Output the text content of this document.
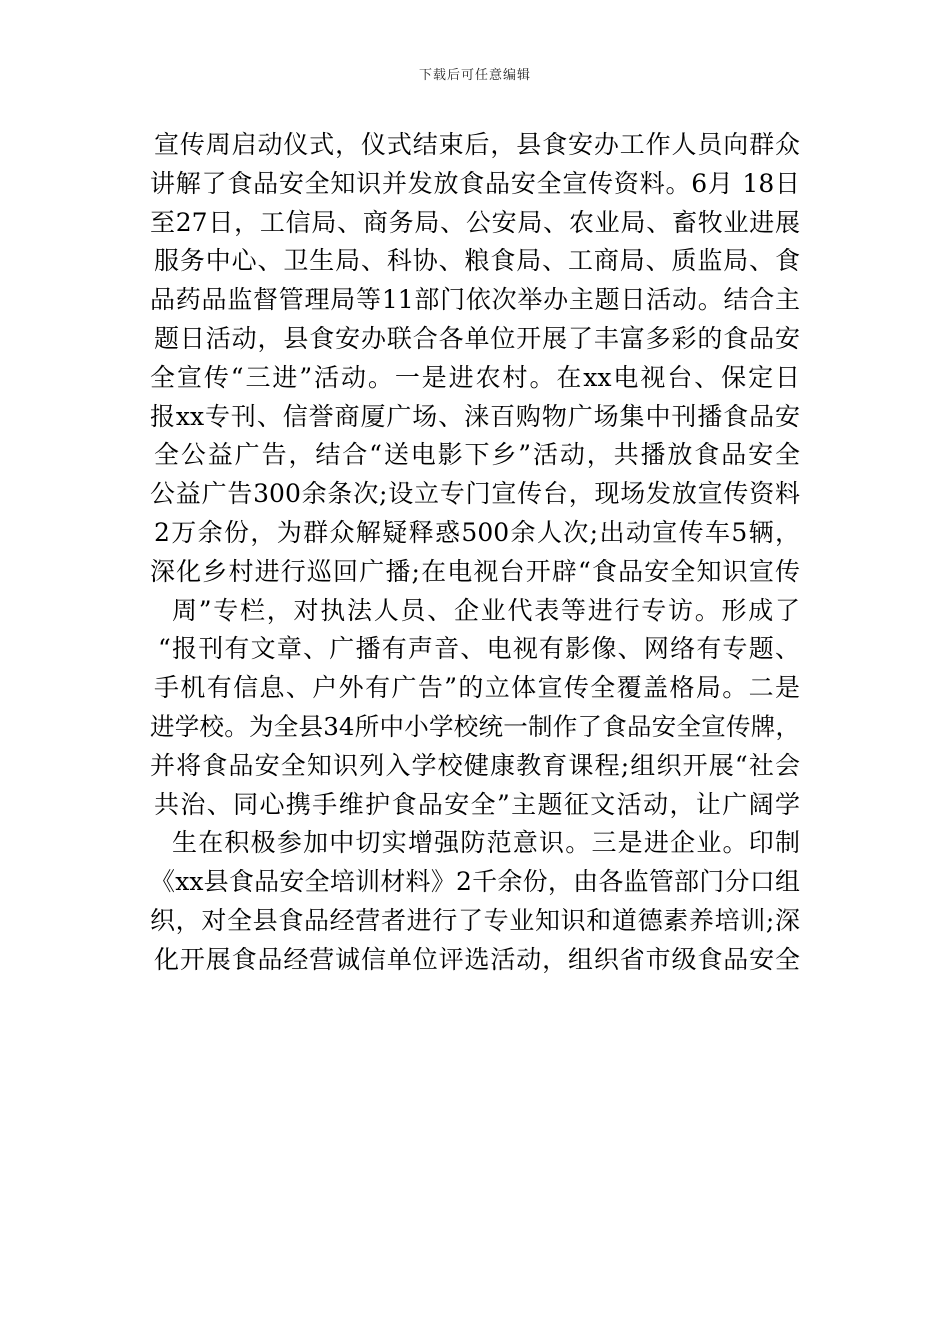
下载后可任意编辑
宣传周启动仪式，仪式结束后，县食安办工作人员向群众
讲解了食品安全知识并发放食品安全宣传资料。6月 18日
至27日，工信局、商务局、公安局、农业局、畜牧业进展
服务中心、卫生局、科协、粮食局、工商局、质监局、食
品药品监督管理局等11部门依次举办主题日活动。结合主
题日活动，县食安办联合各单位开展了丰富多彩的食品安
全宣传“三进”活动。一是进农村。在xx电视台、保定日
报xx专刊、信誉商厦广场、涞百购物广场集中刊播食品安
全公益广告，结合“送电影下乡”活动，共播放食品安全
公益广告300余条次;设立专门宣传台，现场发放宣传资料
2万余份，为群众解疑释惑500余人次;出动宣传车5辆，
深化乡村进行巡回广播;在电视台开辟“食品安全知识宣传
周”专栏，对执法人员、企业代表等进行专访。形成了
“报刊有文章、广播有声音、电视有影像、网络有专题、
手机有信息、户外有广告”的立体宣传全覆盖格局。二是
进学校。为全县34所中小学校统一制作了食品安全宣传牌，
并将食品安全知识列入学校健康教育课程;组织开展“社会
共治、同心携手维护食品安全”主题征文活动，让广阔学
生在积极参加中切实增强防范意识。三是进企业。印制
《xx县食品安全培训材料》2千余份，由各监管部门分口组
织，对全县食品经营者进行了专业知识和道德素养培训;深
化开展食品经营诚信单位评选活动，组织省市级食品安全
